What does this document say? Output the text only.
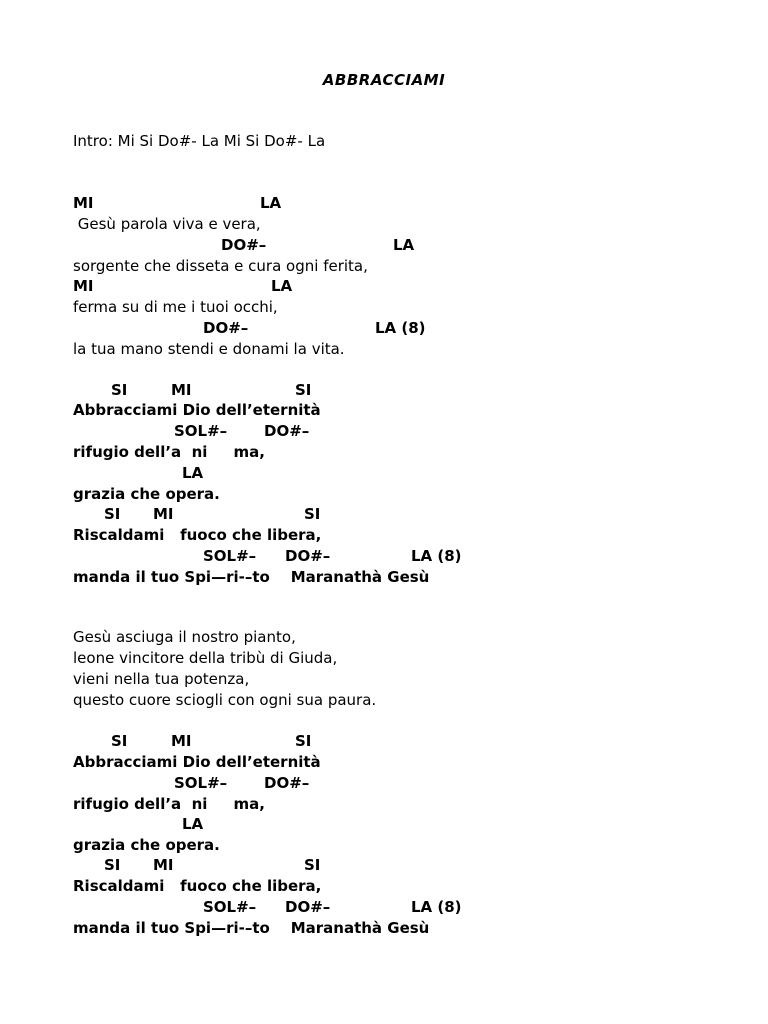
ABBRACCIAMI
Intro: Mi Si Do#- La Mi Si Do#- La
MI	LA
Gesù parola viva e vera,
DO#–	LA
sorgente che disseta e cura ogni ferita,
MI	LA
ferma su di me i tuoi occhi,
DO#–	LA (8)
la tua mano stendi e donami la vita.
SI	MI	SI
Abbracciami Dio dell’eternità
SOL#– DO#–
rifugio dell’a  ni     ma,
LA
grazia che opera.
SI MI	SI
Riscaldami   fuoco che libera,
SOL#– DO#–	LA (8)
manda il tuo Spi—ri-–to    Maranathà Gesù
Gesù asciuga il nostro pianto,
leone vincitore della tribù di Giuda,
vieni nella tua potenza,
questo cuore sciogli con ogni sua paura.
SI	MI	SI
Abbracciami Dio dell’eternità
SOL#– DO#–
rifugio dell’a  ni     ma,
LA
grazia che opera.
SI MI	SI
Riscaldami   fuoco che libera,
SOL#– DO#–	LA (8)
manda il tuo Spi—ri-–to    Maranathà Gesù
